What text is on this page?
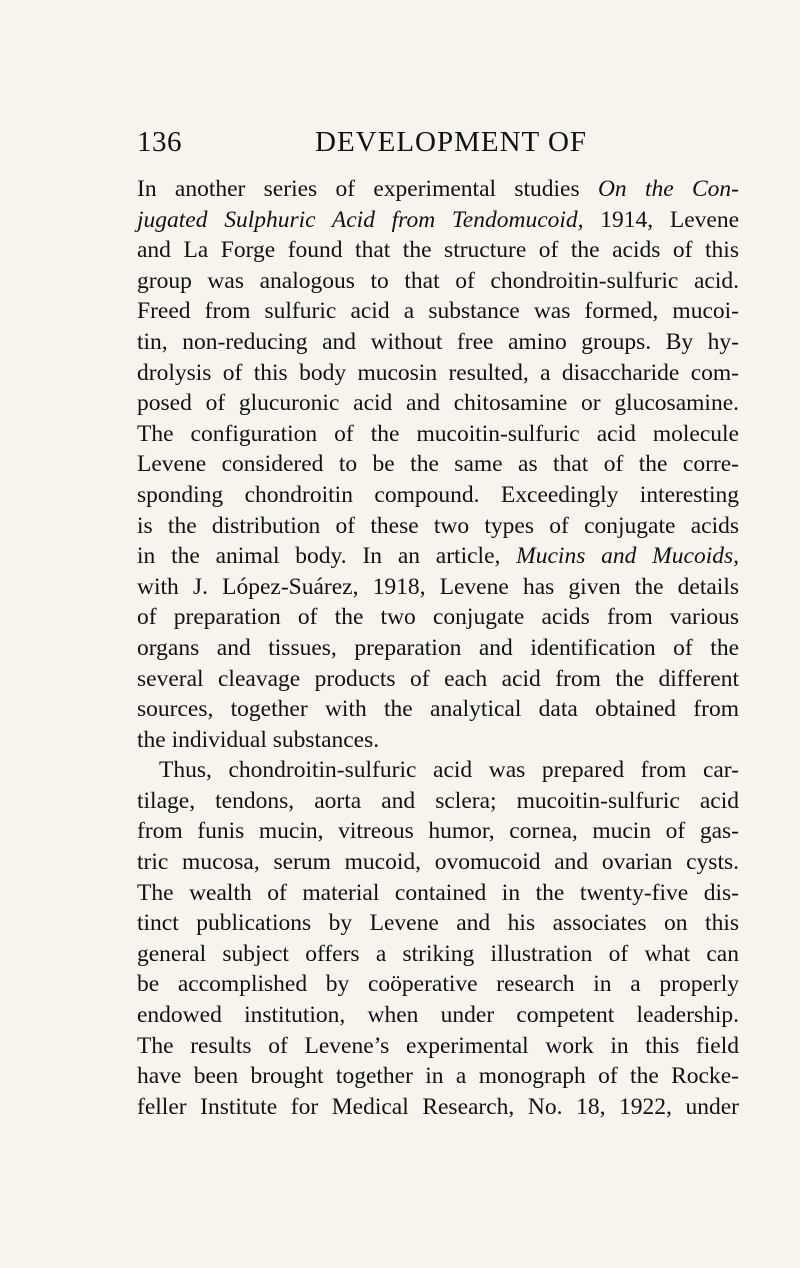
136	DEVELOPMENT OF
In another series of experimental studies On the Con-
jugated Sulphuric Acid from Tendomucoid, 1914, Levene
and La Forge found that the structure of the acids of this
group was analogous to that of chondroitin-sulfuric acid.
Freed from sulfuric acid a substance was formed, mucoi-
tin, non-reducing and without free amino groups. By hy-
drolysis of this body mucosin resulted, a disaccharide com-
posed of glucuronic acid and chitosamine or glucosamine.
The configuration of the mucoitin-sulfuric acid molecule
Levene considered to be the same as that of the corre-
sponding chondroitin compound. Exceedingly interesting
is the distribution of these two types of conjugate acids
in the animal body. In an article, Mucins and Mucoids,
with J. López-Suárez, 1918, Levene has given the details
of preparation of the two conjugate acids from various
organs and tissues, preparation and identification of the
several cleavage products of each acid from the different
sources, together with the analytical data obtained from
the individual substances.
Thus, chondroitin-sulfuric acid was prepared from car-
tilage, tendons, aorta and sclera; mucoitin-sulfuric acid
from funis mucin, vitreous humor, cornea, mucin of gas-
tric mucosa, serum mucoid, ovomucoid and ovarian cysts.
The wealth of material contained in the twenty-five dis-
tinct publications by Levene and his associates on this
general subject offers a striking illustration of what can
be accomplished by coöperative research in a properly
endowed institution, when under competent leadership.
The results of Levene’s experimental work in this field
have been brought together in a monograph of the Rocke-
feller Institute for Medical Research, No. 18, 1922, under
